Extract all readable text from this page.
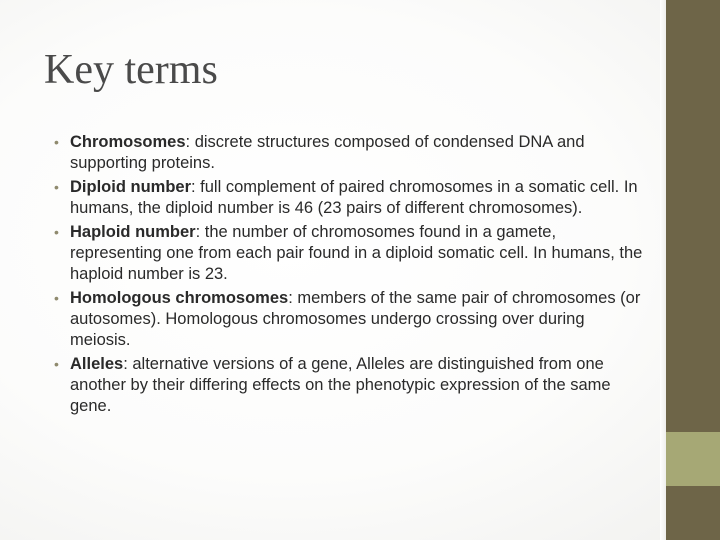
Key terms
• Chromosomes: discrete structures composed of condensed DNA and supporting proteins.
• Diploid number: full complement of paired chromosomes in a somatic cell. In humans, the diploid number is 46 (23 pairs of different chromosomes).
• Haploid number: the number of chromosomes found in a gamete, representing one from each pair found in a diploid somatic cell. In humans, the haploid number is 23.
• Homologous chromosomes: members of the same pair of chromosomes (or autosomes). Homologous chromosomes undergo crossing over during meiosis.
• Alleles: alternative versions of a gene, Alleles are distinguished from one another by their differing effects on the phenotypic expression of the same gene.
